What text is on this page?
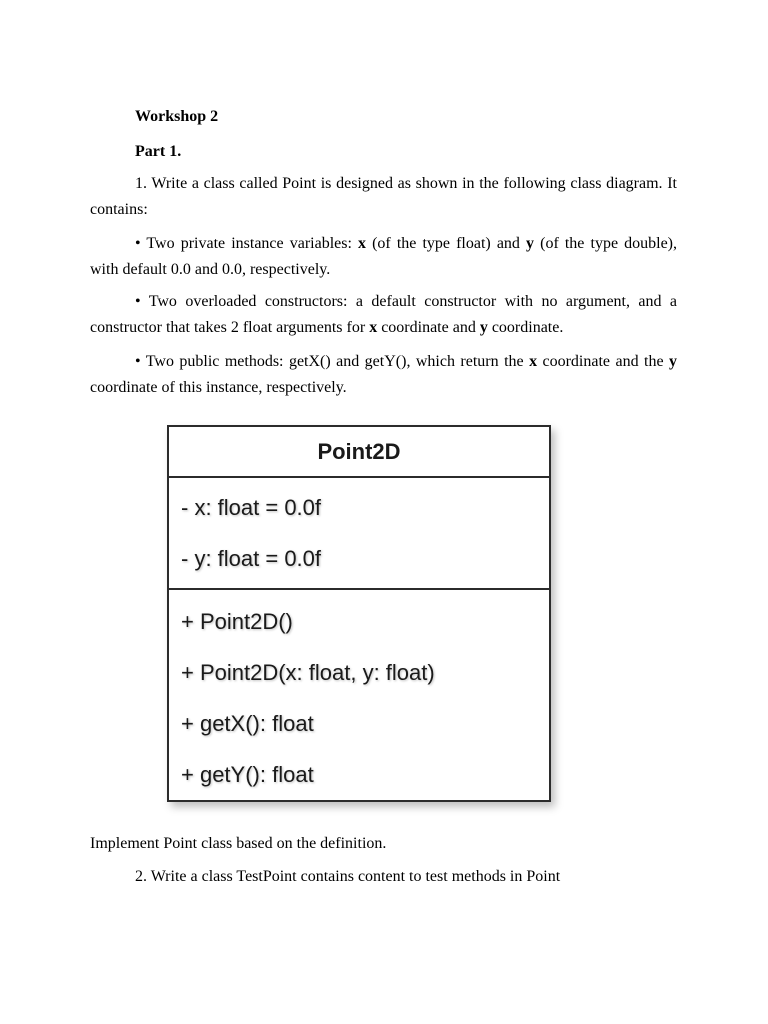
Workshop 2
Part 1.

1. Write a class called Point is designed as shown in the following class diagram. It contains:

• Two private instance variables: x (of the type float) and y (of the type double), with default 0.0 and 0.0, respectively.

• Two overloaded constructors: a default constructor with no argument, and a constructor that takes 2 float arguments for x coordinate and y coordinate.

• Two public methods: getX() and getY(), which return the x coordinate and the y coordinate of this instance, respectively.

Point2D
- x: float = 0.0f
- y: float = 0.0f
+ Point2D()
+ Point2D(x: float, y: float)
+ getX(): float
+ getY(): float

Implement Point class based on the definition.

2. Write a class TestPoint contains content to test methods in Point
